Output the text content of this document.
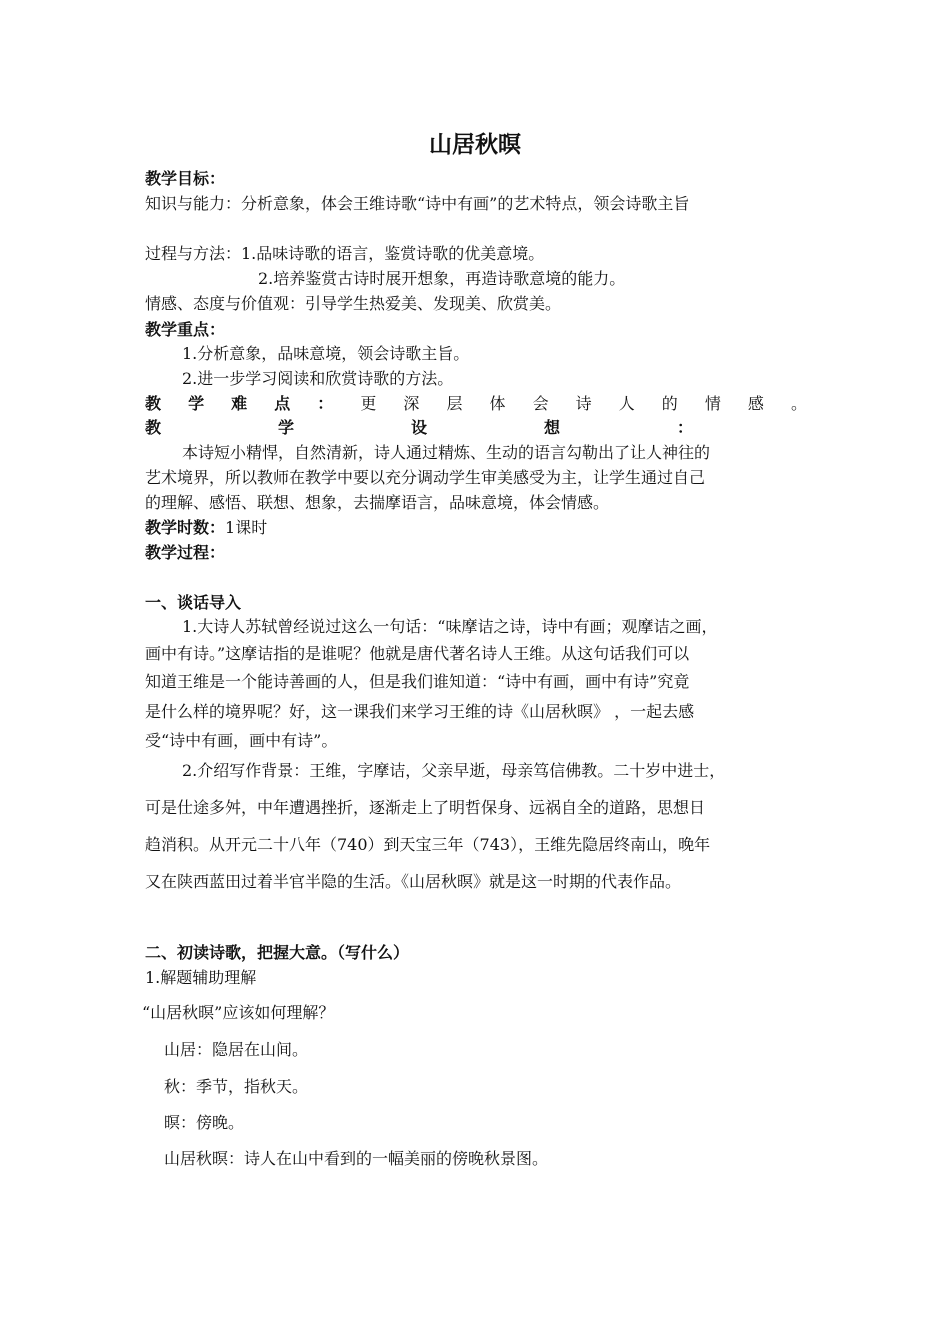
山居秋暝
教学目标：
知识与能力：分析意象，体会王维诗歌“诗中有画”的艺术特点，领会诗歌主旨
过程与方法：1.品味诗歌的语言，鉴赏诗歌的优美意境。
2.培养鉴赏古诗时展开想象，再造诗歌意境的能力。
情感、态度与价值观：引导学生热爱美、发现美、欣赏美。
教学重点：
1.分析意象，品味意境，领会诗歌主旨。
2.进一步学习阅读和欣赏诗歌的方法。
教 学 难 点 ： 更 深 层 体 会 诗 人 的 情 感 。
教	学	设	想	：
本诗短小精悍，自然清新，诗人通过精炼、生动的语言勾勒出了让人神往的
艺术境界，所以教师在教学中要以充分调动学生审美感受为主，让学生通过自己
的理解、感悟、联想、想象，去揣摩语言，品味意境，体会情感。
教学时数：1课时
教学过程：
一、谈话导入
1.大诗人苏轼曾经说过这么一句话：“味摩诘之诗，诗中有画；观摩诘之画，
画中有诗。”这摩诘指的是谁呢？他就是唐代著名诗人王维。从这句话我们可以
知道王维是一个能诗善画的人，但是我们谁知道：“诗中有画，画中有诗”究竟
是什么样的境界呢？好，这一课我们来学习王维的诗《山居秋暝》 ，一起去感
受“诗中有画，画中有诗”。
2.介绍写作背景：王维，字摩诘，父亲早逝，母亲笃信佛教。二十岁中进士，
可是仕途多舛，中年遭遇挫折，逐渐走上了明哲保身、远祸自全的道路，思想日
趋消积。从开元二十八年（740）到天宝三年（743），王维先隐居终南山，晚年
又在陕西蓝田过着半官半隐的生活。《山居秋暝》就是这一时期的代表作品。
二、初读诗歌，把握大意。（写什么）
1.解题辅助理解
“山居秋暝”应该如何理解？
山居：隐居在山间。
秋：季节，指秋天。
暝：傍晚。
山居秋暝：诗人在山中看到的一幅美丽的傍晚秋景图。
